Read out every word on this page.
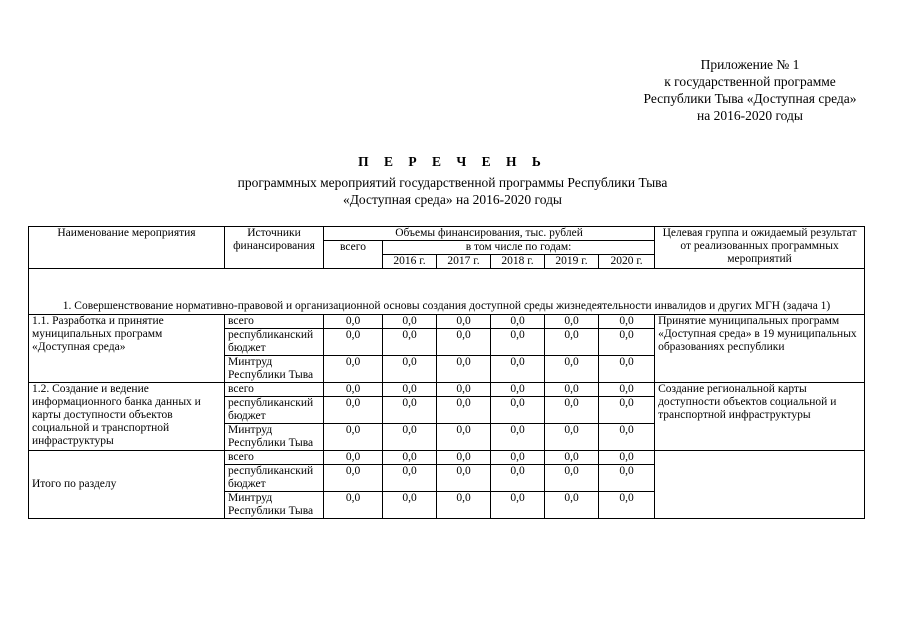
Приложение № 1
к государственной программе
Республики Тыва «Доступная среда»
на 2016-2020 годы
П Е Р Е Ч Е Н Ь
программных мероприятий государственной программы Республики Тыва
«Доступная среда» на 2016-2020 годы
Наименование мероприятия	Источники финансирования	Объемы финансирования, тыс. рублей						Целевая группа и ожидаемый результат от реализованных программных мероприятий
		всего	в том числе по годам:					
			2016 г.	2017 г.	2018 г.	2019 г.	2020 г.	
1. Совершенствование нормативно-правовой и организационной основы создания доступной среды жизнедеятельности инвалидов и других МГН (задача 1)								
1.1. Разработка и принятие муниципальных программ «Доступная среда»	всего	0,0	0,0	0,0	0,0	0,0	0,0	Принятие муниципальных программ «Доступная среда» в 19 муниципальных образованиях республики
	республиканский бюджет	0,0	0,0	0,0	0,0	0,0	0,0	
	Минтруд Республики Тыва	0,0	0,0	0,0	0,0	0,0	0,0	
1.2. Создание и ведение информационного банка данных и карты доступности объектов социальной и транспортной инфраструктуры	всего	0,0	0,0	0,0	0,0	0,0	0,0	Создание региональной карты доступности объектов социальной и транспортной инфраструктуры
	республиканский бюджет	0,0	0,0	0,0	0,0	0,0	0,0	
	Минтруд Республики Тыва	0,0	0,0	0,0	0,0	0,0	0,0	
Итого по разделу	всего	0,0	0,0	0,0	0,0	0,0	0,0	
	республиканский бюджет	0,0	0,0	0,0	0,0	0,0	0,0	
	Минтруд Республики Тыва	0,0	0,0	0,0	0,0	0,0	0,0	
